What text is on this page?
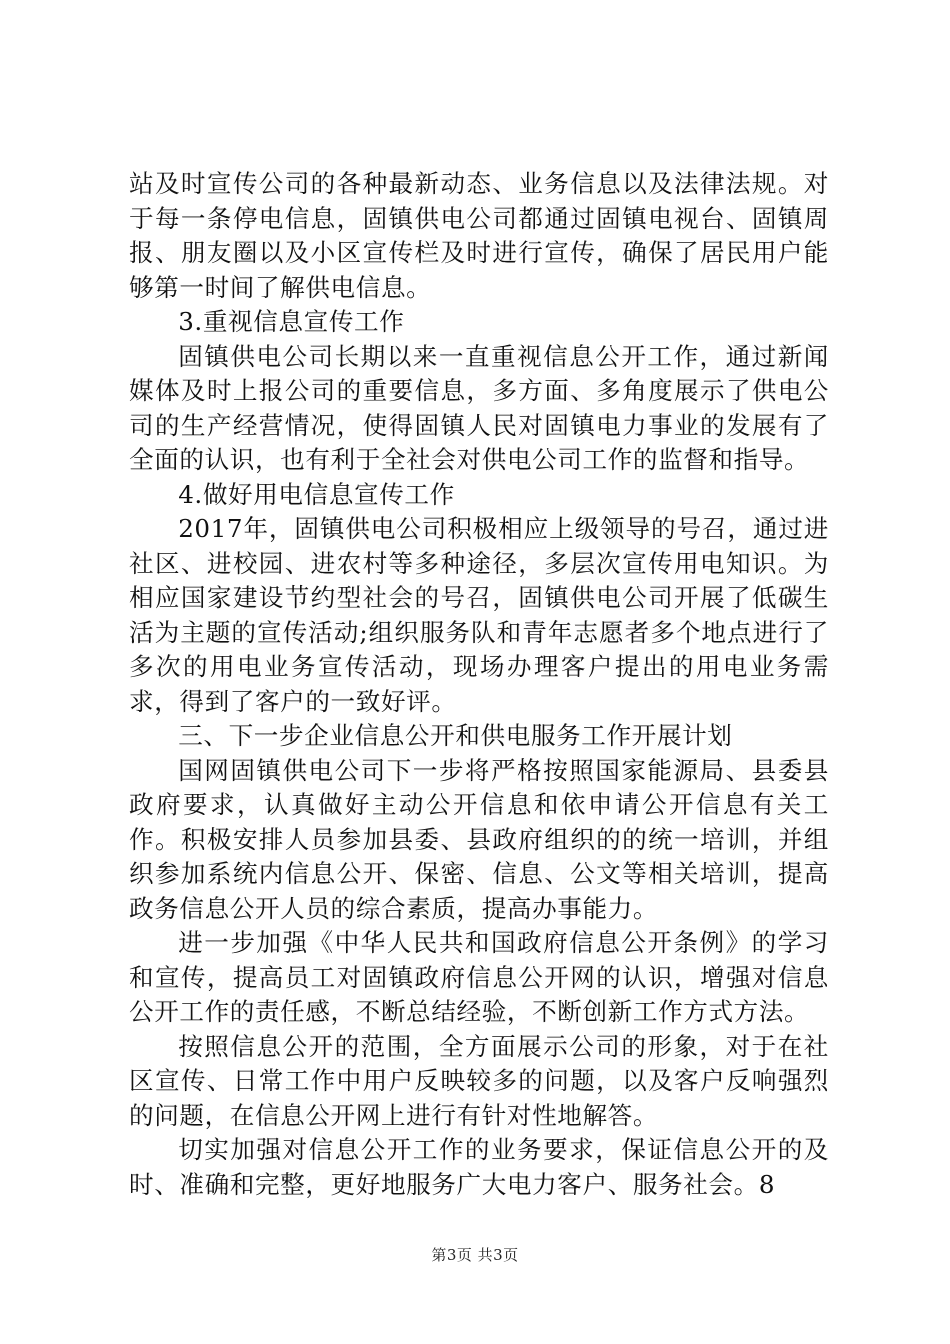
站及时宣传公司的各种最新动态、业务信息以及法律法规。对于每一条停电信息，固镇供电公司都通过固镇电视台、固镇周报、朋友圈以及小区宣传栏及时进行宣传，确保了居民用户能够第一时间了解供电信息。

3.重视信息宣传工作

固镇供电公司长期以来一直重视信息公开工作，通过新闻媒体及时上报公司的重要信息，多方面、多角度展示了供电公司的生产经营情况，使得固镇人民对固镇电力事业的发展有了全面的认识，也有利于全社会对供电公司工作的监督和指导。

4.做好用电信息宣传工作

2017年，固镇供电公司积极相应上级领导的号召，通过进社区、进校园、进农村等多种途径，多层次宣传用电知识。为相应国家建设节约型社会的号召，固镇供电公司开展了低碳生活为主题的宣传活动;组织服务队和青年志愿者多个地点进行了多次的用电业务宣传活动，现场办理客户提出的用电业务需求，得到了客户的一致好评。

三、下一步企业信息公开和供电服务工作开展计划

国网固镇供电公司下一步将严格按照国家能源局、县委县政府要求，认真做好主动公开信息和依申请公开信息有关工作。积极安排人员参加县委、县政府组织的的统一培训，并组织参加系统内信息公开、保密、信息、公文等相关培训，提高政务信息公开人员的综合素质，提高办事能力。

进一步加强《中华人民共和国政府信息公开条例》的学习和宣传，提高员工对固镇政府信息公开网的认识，增强对信息公开工作的责任感，不断总结经验，不断创新工作方式方法。

按照信息公开的范围，全方面展示公司的形象，对于在社区宣传、日常工作中用户反映较多的问题，以及客户反响强烈的问题，在信息公开网上进行有针对性地解答。

切实加强对信息公开工作的业务要求，保证信息公开的及时、准确和完整，更好地服务广大电力客户、服务社会。8

第3页 共3页
